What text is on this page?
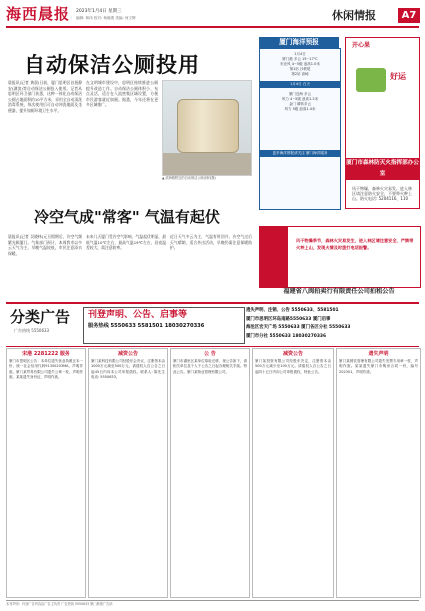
海西晨报 2023年1月4日 星期三
编辑: 林伟 校对: 杨晓燕 美编: 何文辉	休闲情报	A7
自动保洁公厕投用
晨报讯(记者 黄晨)日前，厦门思明区首批静安(湖滨)等自动保洁公厕投入使用。记者从思明区环卫部门获悉，这种一体化自动保洁公厕占地面积约10平方米，采用全自动清洗消毒系统，每次使用后可自动冲洗地面及坐便器，提升如厕环境卫生水平。
在文明城市建设中，思明区持续推进公厕提升改造工作。自动保洁公厕体积小、布点灵活，适合在人流密集区域设置，方便市民游客就近如厕。据悉，今年还将在更多区域推广。
▲ 滨海路附近的自动保洁公厕(林伟摄)
冷空气成"常客" 气温有起伏
晨报讯(记者 吴晓林)元旦假期后，冷空气频繁光顾厦门。气象部门预计，本周我市以多云天气为主，早晚气温较低，市民注意添衣保暖。
未来几天厦门受冷空气影响，气温起伏明显，最低气温10℃左右，最高气温19℃左右，昼夜温差较大，需注意防寒。
近日天气多云为主，气温有所回升，冷空气过后天气晴朗，适合外出活动，早晚仍需注意保暖防护。
厦门海洋预报
1月4日
厦门港 多云 15~17℃
东北风 4~5级 浪高1.0米
第1站 沙坡尾
第2站 高崎
1月4日 白天
厦门近海 多云
风力 4~5级 浪高1.2米
金门 晴转多云
风力 5级 浪高1.4米
更多海洋预报请关注 厦门海洋服务
开心果
好运
厦门市森林防灭火指挥部办公室
风干物燥，森林火灾易发。进入林区请注意防火安全，不要带火种上山。防火电话: 5204116、110
风干物燥季节，森林火灾易发生，进入林区请注意安全，严禁带火种上山，发现火情及时拨打电话报警。
福建省八闽拍卖行有限责任公司拍租公告
分类广告
广告热线 5550633
刊登声明、公告、启事等
服务热线 5550633 5581501 18030270336
遗失声明、注销、公告 5550633、5581501
厦门市思明区环岛南路5550633 厦门启事
海沧区宏天广场 5550633 厦门各区分社 5550633
厦门市分社 5550633 18030270336
宋港 2281222 服务
厦门市思明区公告：本单位遗失营业执照正本一份，统一社会信用代码91350203MA，声明作废。厦门某贸易有限公司遗失公章一枚，声明作废。某某遗失身份证，声明作废。
减资公告
厦门某科技有限公司经股东会决议，注册资本由1000万元减至500万元，请债权人自公告之日起45日内向本公司申报债权。联系人: 陈先生 电话: 5550633。
公 告
厦门市湖里区某单位原址迁移，现公告如下，请相关单位及个人于公告之日起办理相关手续。特此公告。厦门某物业管理有限公司。
减资公告
厦门某投资有限公司经股东决定，注册资本由500万元减少至100万元。请债权人自公告之日起四十五日内向公司申报债权，特此公告。
遗失声明
厦门某餐饮管理有限公司遗失发票专用章一枚，声明作废。某某遗失厦门市购房合同一份，编号202301，声明作废。
本刊声明：刊登广告内容由广告主负责 广告热线 5550633 厦门晨报广告部
